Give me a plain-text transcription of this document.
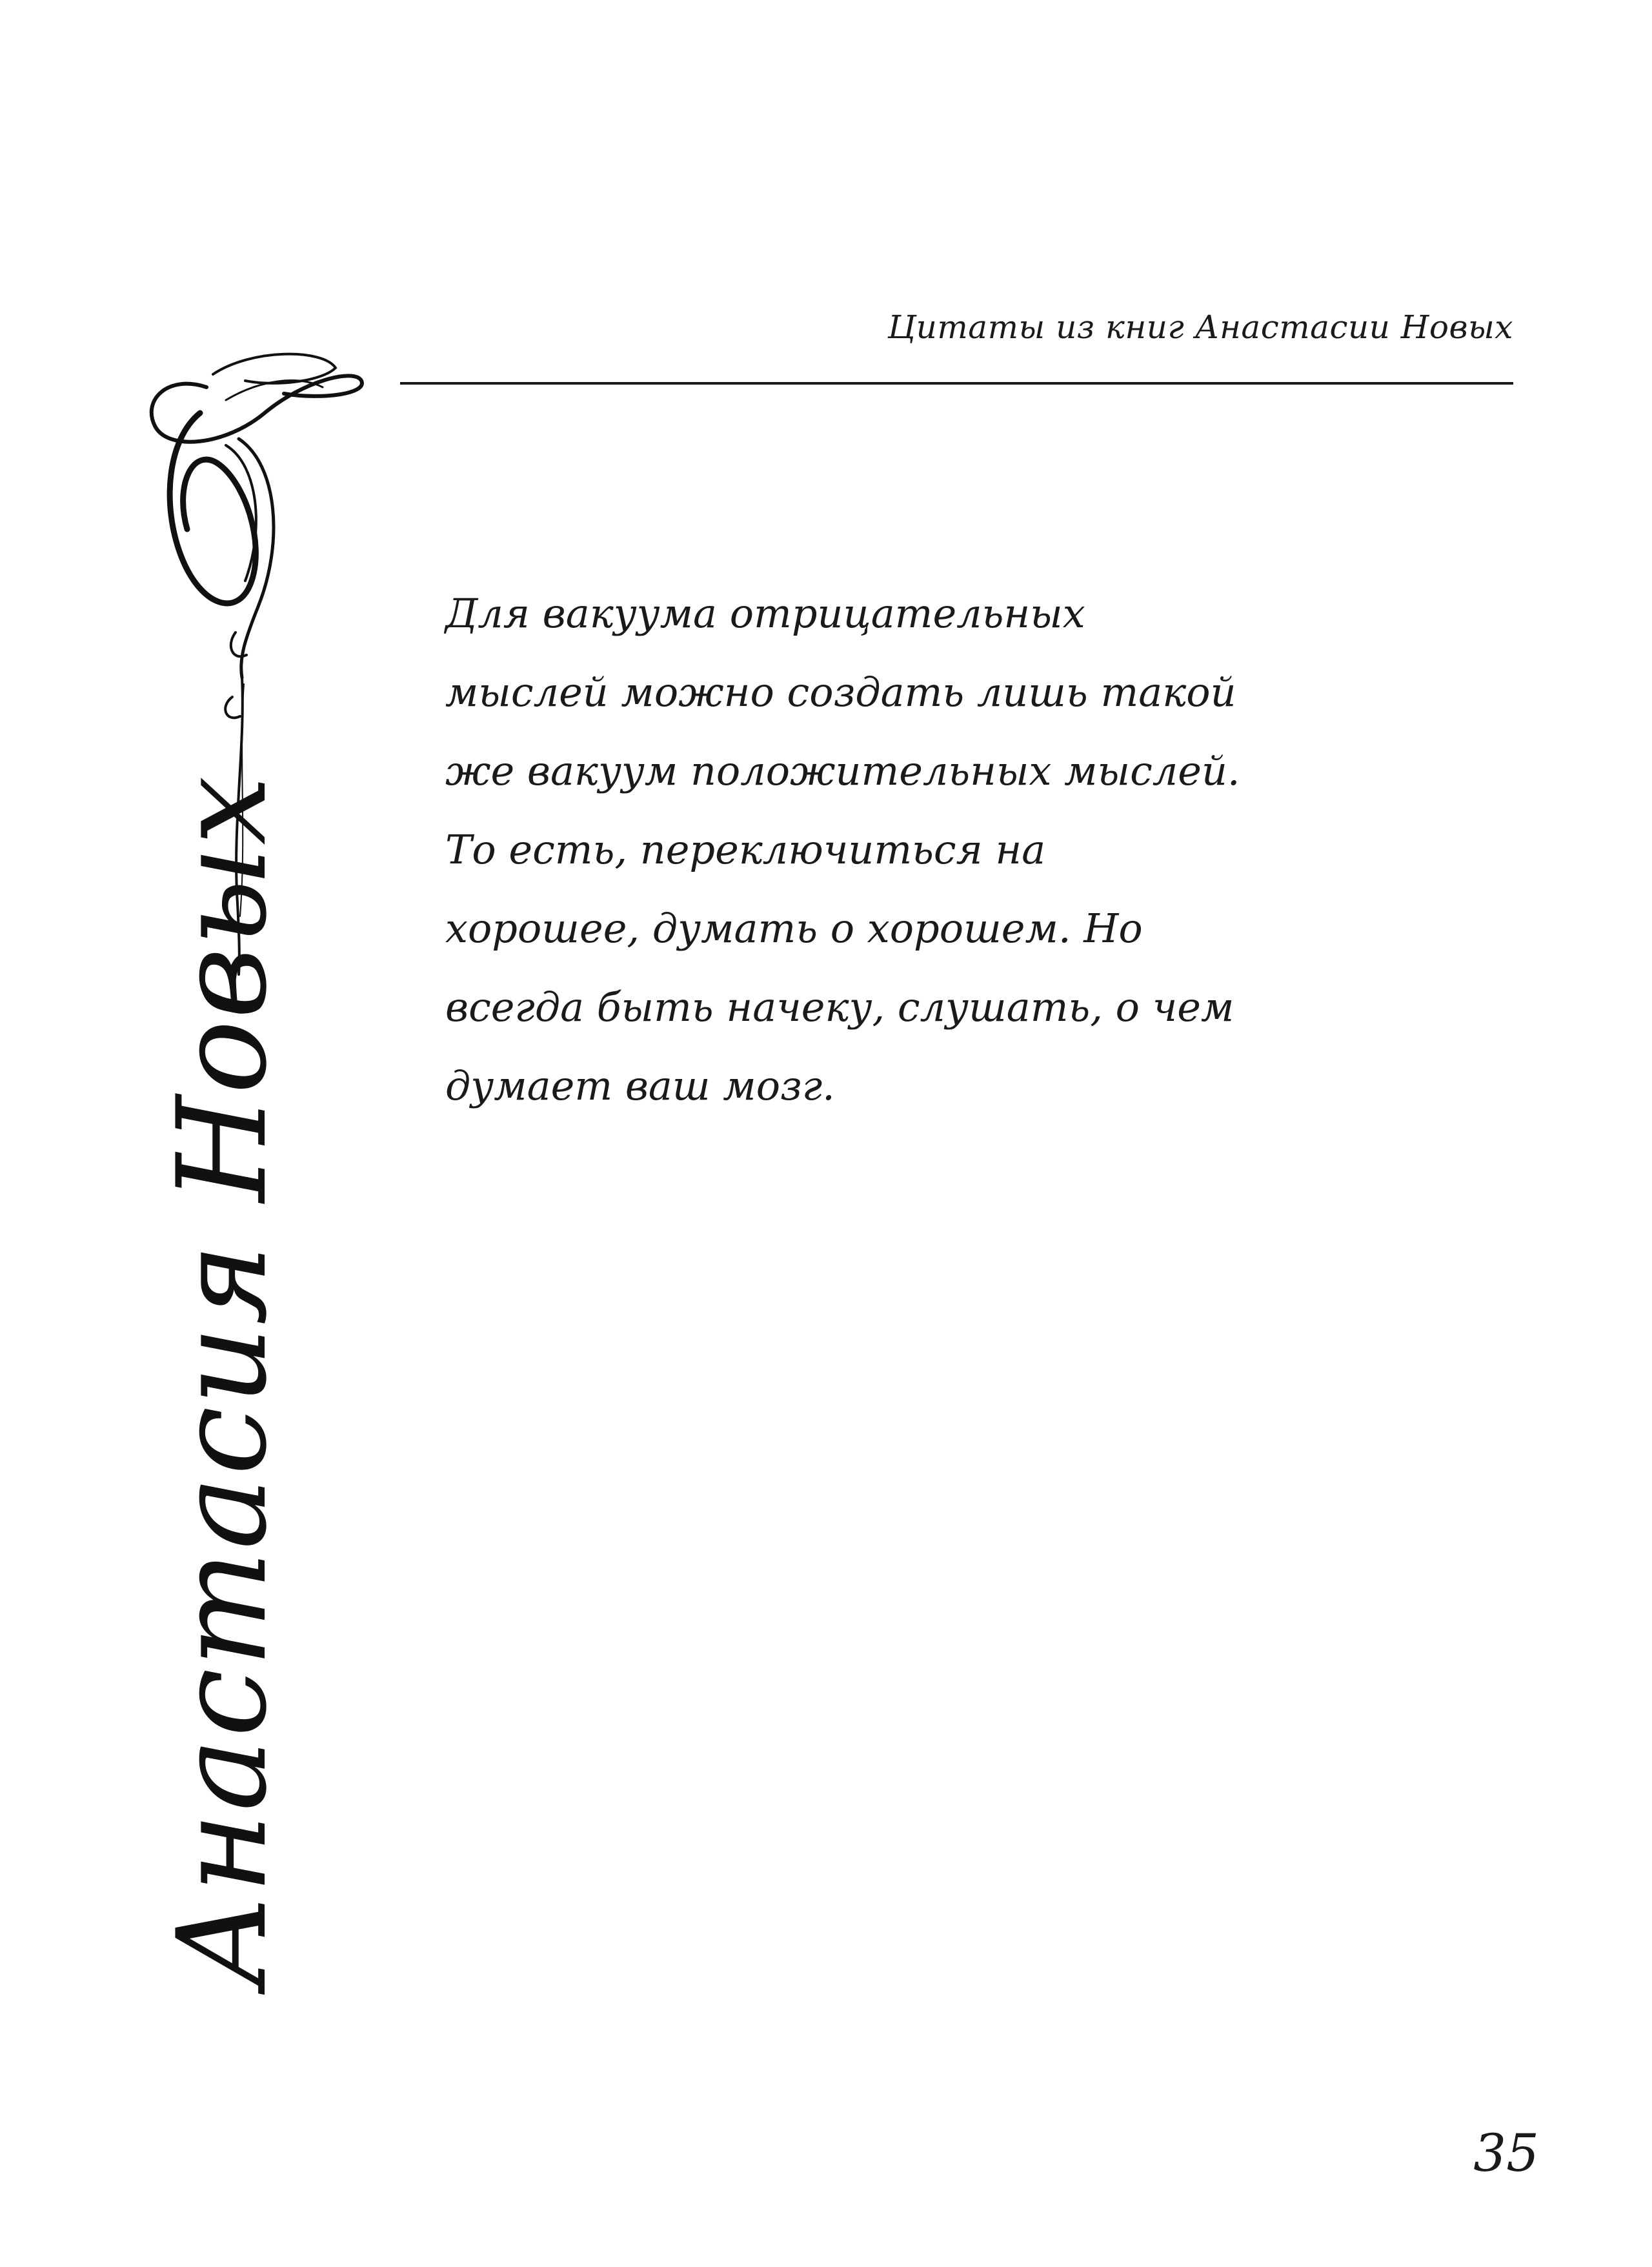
Цитаты из книг Анастасии Новых
Анастасия Новых
Для вакуума отрицательных
мыслей можно создать лишь такой
же вакуум положительных мыслей.
То есть, переключиться на
хорошее, думать о хорошем. Но
всегда быть начеку, слушать, о чем
думает ваш мозг.
35
